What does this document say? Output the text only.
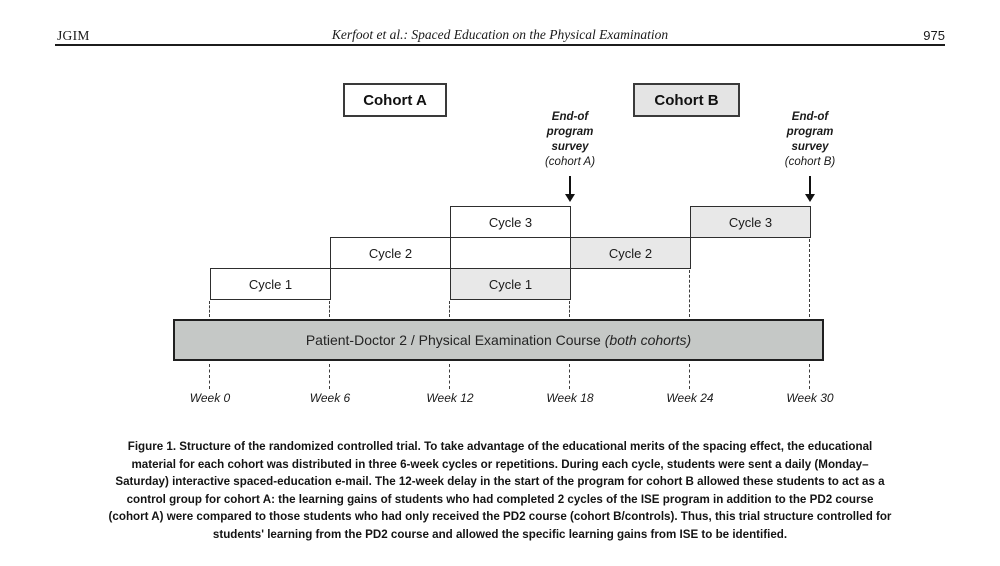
JGIM	Kerfoot et al.: Spaced Education on the Physical Examination	975
Cohort A	Cohort B
End-of
program
survey
(cohort A)
End-of
program
survey
(cohort B)
Cycle 1
Cycle 2
Cycle 3
Cycle 1
Cycle 2
Cycle 3
Patient-Doctor 2 / Physical Examination Course (both cohorts)
Week 0	Week 6	Week 12	Week 18	Week 24	Week 30
Figure 1. Structure of the randomized controlled trial. To take advantage of the educational merits of the spacing effect, the educational
material for each cohort was distributed in three 6-week cycles or repetitions. During each cycle, students were sent a daily (Monday–
Saturday) interactive spaced-education e-mail. The 12-week delay in the start of the program for cohort B allowed these students to act as a
control group for cohort A: the learning gains of students who had completed 2 cycles of the ISE program in addition to the PD2 course
(cohort A) were compared to those students who had only received the PD2 course (cohort B/controls). Thus, this trial structure controlled for
students' learning from the PD2 course and allowed the specific learning gains from ISE to be identified.
